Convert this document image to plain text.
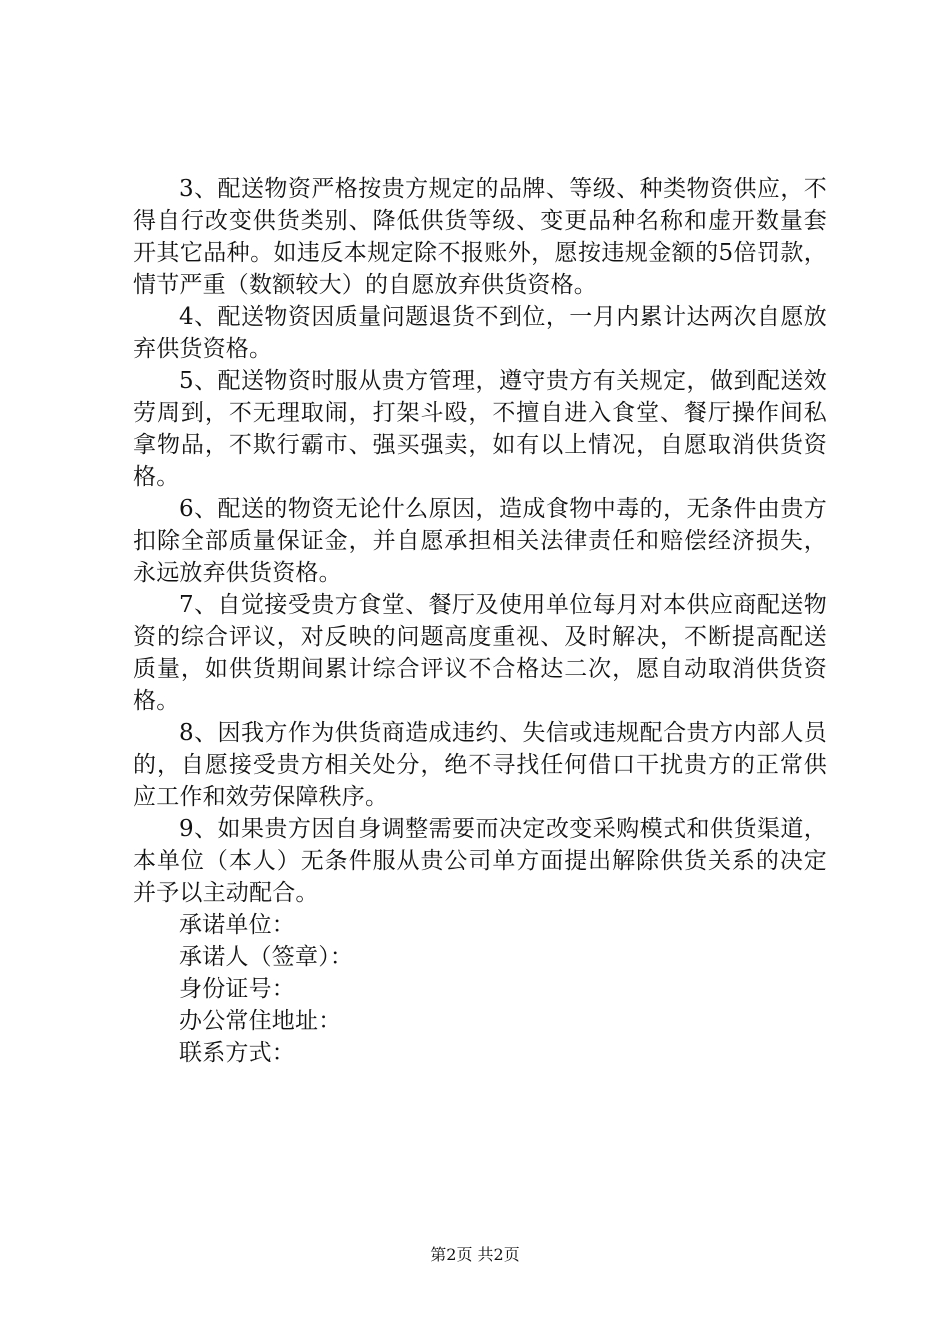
3、配送物资严格按贵方规定的品牌、等级、种类物资供应，不得自行改变供货类别、降低供货等级、变更品种名称和虚开数量套开其它品种。如违反本规定除不报账外，愿按违规金额的5倍罚款，情节严重（数额较大）的自愿放弃供货资格。

4、配送物资因质量问题退货不到位，一月内累计达两次自愿放弃供货资格。

5、配送物资时服从贵方管理，遵守贵方有关规定，做到配送效劳周到，不无理取闹，打架斗殴，不擅自进入食堂、餐厅操作间私拿物品，不欺行霸市、强买强卖，如有以上情况，自愿取消供货资格。

6、配送的物资无论什么原因，造成食物中毒的，无条件由贵方扣除全部质量保证金，并自愿承担相关法律责任和赔偿经济损失，永远放弃供货资格。

7、自觉接受贵方食堂、餐厅及使用单位每月对本供应商配送物资的综合评议，对反映的问题高度重视、及时解决，不断提高配送质量，如供货期间累计综合评议不合格达二次，愿自动取消供货资格。

8、因我方作为供货商造成违约、失信或违规配合贵方内部人员的，自愿接受贵方相关处分，绝不寻找任何借口干扰贵方的正常供应工作和效劳保障秩序。

9、如果贵方因自身调整需要而决定改变采购模式和供货渠道，本单位（本人）无条件服从贵公司单方面提出解除供货关系的决定并予以主动配合。

承诺单位：

承诺人（签章）：

身份证号：

办公常住地址：

联系方式：

第2页 共2页
